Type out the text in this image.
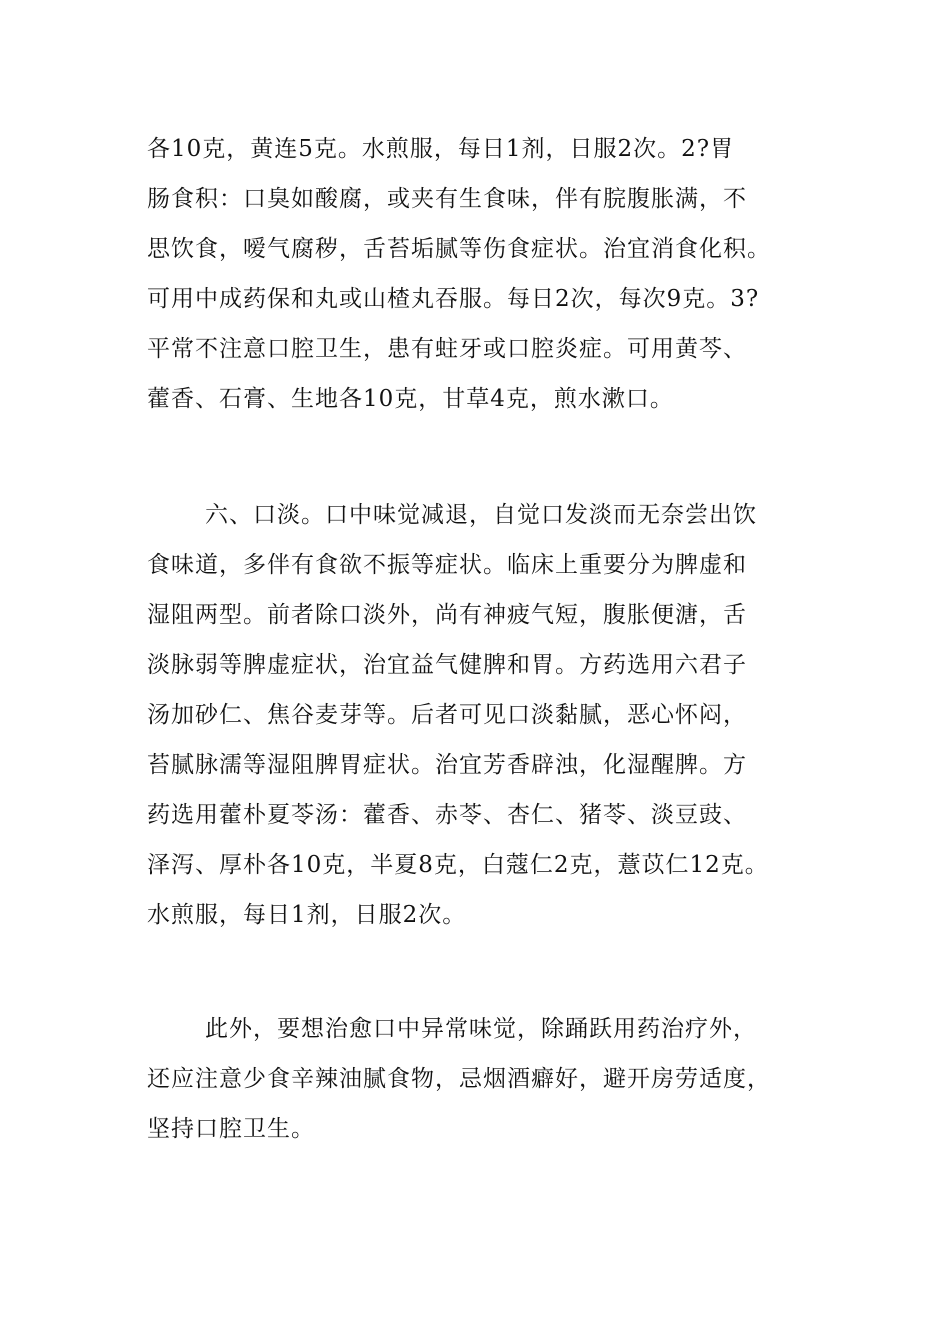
各10克，黄连5克。水煎服，每日1剂，日服2次。2?胃
肠食积：口臭如酸腐，或夹有生食味，伴有脘腹胀满，不
思饮食，嗳气腐秽，舌苔垢腻等伤食症状。治宜消食化积。
可用中成药保和丸或山楂丸吞服。每日2次，每次9克。3?
平常不注意口腔卫生，患有蛀牙或口腔炎症。可用黄芩、
藿香、石膏、生地各10克，甘草4克，煎水漱口。
六、口淡。口中味觉减退，自觉口发淡而无奈尝出饮
食味道，多伴有食欲不振等症状。临床上重要分为脾虚和
湿阻两型。前者除口淡外，尚有神疲气短，腹胀便溏，舌
淡脉弱等脾虚症状，治宜益气健脾和胃。方药选用六君子
汤加砂仁、焦谷麦芽等。后者可见口淡黏腻，恶心怀闷，
苔腻脉濡等湿阻脾胃症状。治宜芳香辟浊，化湿醒脾。方
药选用藿朴夏苓汤：藿香、赤苓、杏仁、猪苓、淡豆豉、
泽泻、厚朴各10克，半夏8克，白蔻仁2克，薏苡仁12克。
水煎服，每日1剂，日服2次。
此外，要想治愈口中异常味觉，除踊跃用药治疗外，
还应注意少食辛辣油腻食物，忌烟酒癖好，避开房劳适度，
坚持口腔卫生。
